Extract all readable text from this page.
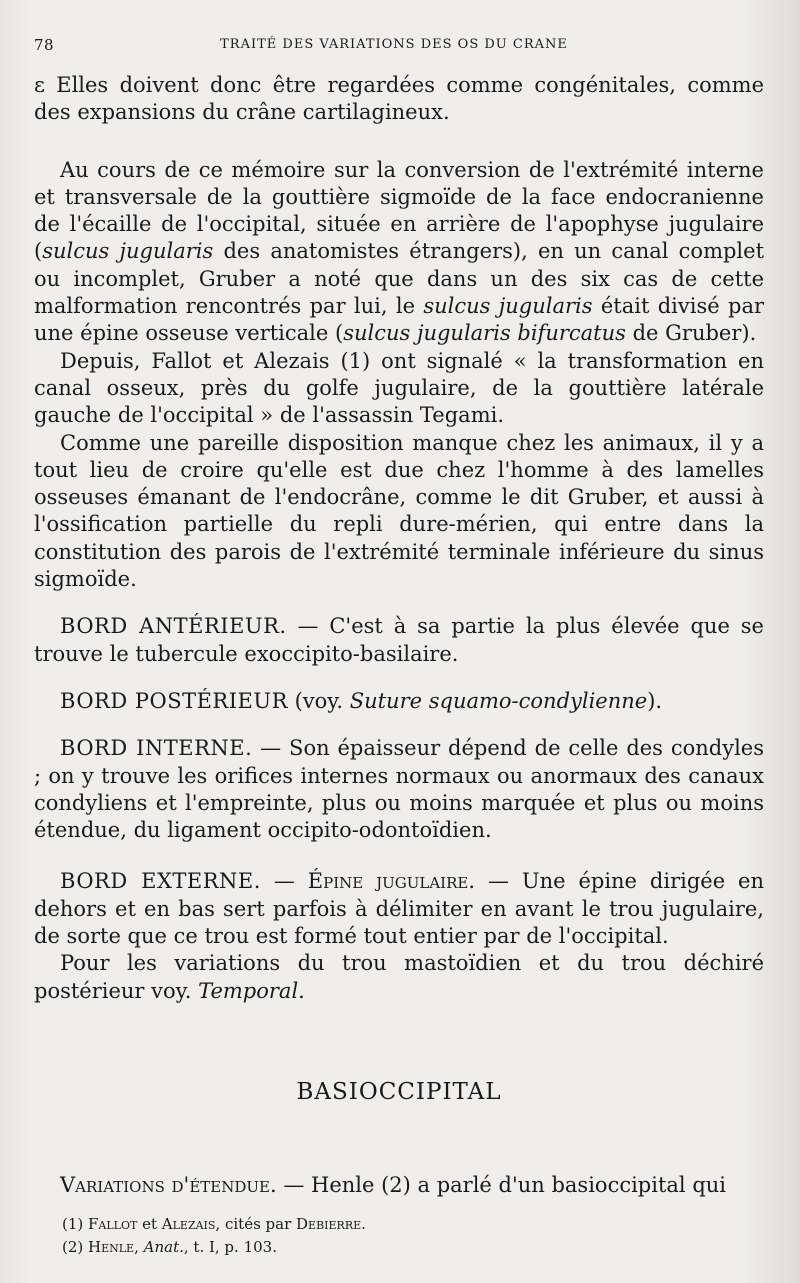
78	TRAITÉ DES VARIATIONS DES OS DU CRANE

ε Elles doivent donc être regardées comme congénitales, comme des expansions du crâne cartilagineux.

Au cours de ce mémoire sur la conversion de l'extrémité interne et transversale de la gouttière sigmoïde de la face endocranienne de l'écaille de l'occipital, située en arrière de l'apophyse jugulaire (sulcus jugularis des anatomistes étrangers), en un canal complet ou incomplet, Gruber a noté que dans un des six cas de cette malformation rencontrés par lui, le sulcus jugularis était divisé par une épine osseuse verticale (sulcus jugularis bifurcatus de Gruber).

Depuis, Fallot et Alezais (1) ont signalé « la transformation en canal osseux, près du golfe jugulaire, de la gouttière latérale gauche de l'occipital » de l'assassin Tegami.

Comme une pareille disposition manque chez les animaux, il y a tout lieu de croire qu'elle est due chez l'homme à des lamelles osseuses émanant de l'endocrâne, comme le dit Gruber, et aussi à l'ossification partielle du repli dure-mérien, qui entre dans la constitution des parois de l'extrémité terminale inférieure du sinus sigmoïde.

BORD ANTÉRIEUR. — C'est à sa partie la plus élevée que se trouve le tubercule exoccipito-basilaire.

BORD POSTÉRIEUR (voy. Suture squamo-condylienne).

BORD INTERNE. — Son épaisseur dépend de celle des condyles ; on y trouve les orifices internes normaux ou anormaux des canaux condyliens et l'empreinte, plus ou moins marquée et plus ou moins étendue, du ligament occipito-odontoïdien.

BORD EXTERNE. — Épine jugulaire. — Une épine dirigée en dehors et en bas sert parfois à délimiter en avant le trou jugulaire, de sorte que ce trou est formé tout entier par de l'occipital.

Pour les variations du trou mastoïdien et du trou déchiré postérieur voy. Temporal.

BASIOCCIPITAL

Variations d'étendue. — Henle (2) a parlé d'un basioccipital qui

(1) Fallot et Alezais, cités par Debierre.

(2) Henle, Anat., t. I, p. 103.
